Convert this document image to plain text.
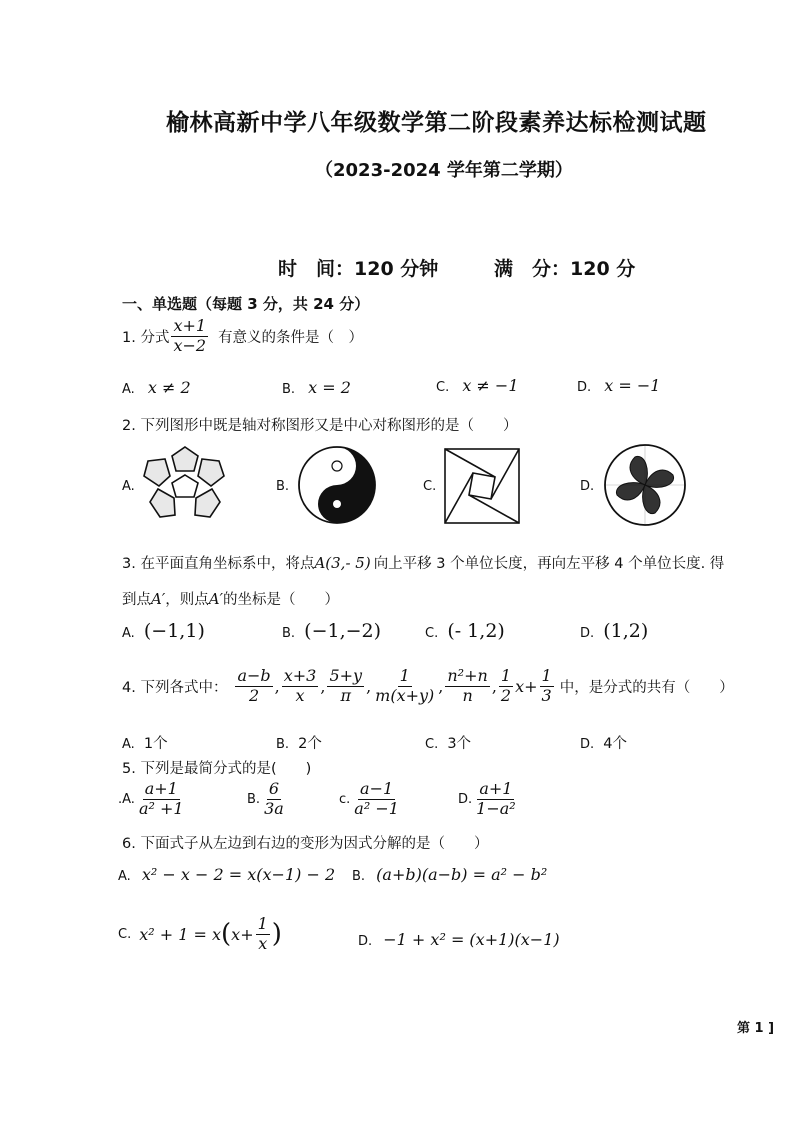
榆林高新中学八年级数学第二阶段素养达标检测试题
（2023-2024 学年第二学期）
时　间：120 分钟	满　分：120 分
一、单选题（每题 3 分，共 24 分）
1. 分式 $\frac{x+1}{x-2}$ 有意义的条件是（　）
A. x ≠ 2	B. x = 2	C. x ≠ −1	D. x = −1
2. 下列图形中既是轴对称图形又是中心对称图形的是（　　）
A.	B.	C.	D.
3. 在平面直角坐标系中，将点A(3,- 5) 向上平移 3 个单位长度，再向左平移 4 个单位长度. 得
到点A′，则点A′的坐标是（　　）
A. (−1,1)	B. (−1,−2)	C. (- 1,2)	D. (1,2)
4. 下列各式中： $\frac{a-b}{2}$ , $\frac{x+3}{x}$ , $\frac{5+y}{\pi}$ , $\frac{1}{m(x+y)}$ , $\frac{\text{n²+n}}{n}$ , $\frac{1}{2} x+ \frac{1}{3}$ 中，是分式的共有（　　）
A. 1个	B. 2个	C. 3个	D. 4个
5. 下列是最简分式的是(　　)
.A. $\frac{a+1}{\text{a² +1}}$	B. $\frac{6}{3a}$	c. $\frac{a-1}{\text{a² −1}}$	D. $\frac{a+1}{\text{1−a²}}$
6. 下面式子从左边到右边的变形为因式分解的是（　　）
A. x² − x − 2 = x(x−1) − 2 B. (a+b)(a−b) = a² − b²
C. x² + 1 = x ( $x+ \frac{1}{x}$ )	D. −1 + x² = (x+1)(x−1)
第 1 ]
